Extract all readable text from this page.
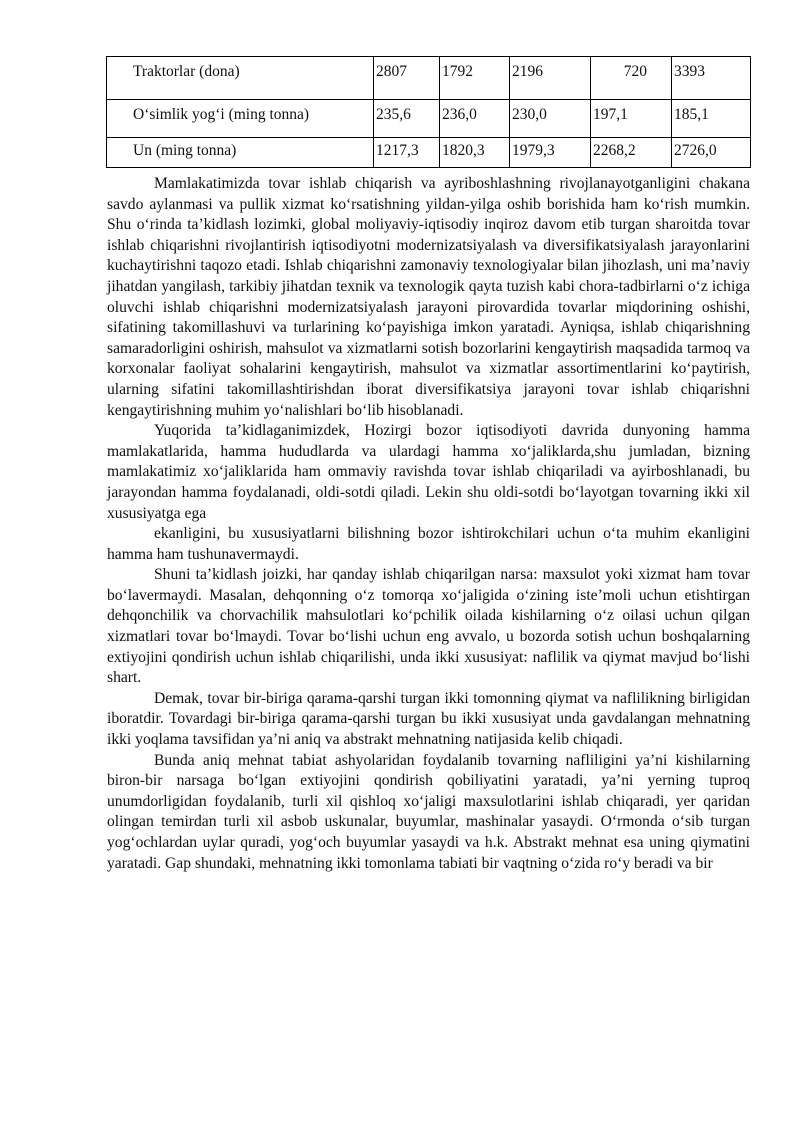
Traktorlar (dona)	2807	1792	2196	720	3393
O‘simlik yog‘i (ming tonna)	235,6	236,0	230,0	197,1	185,1
Un (ming tonna)	1217,3	1820,3	1979,3	2268,2	2726,0

Mamlakatimizda tovar ishlab chiqarish va ayriboshlashning rivojlanayotganligini chakana savdo aylanmasi va pullik xizmat ko‘rsatishning yildan-yilga oshib borishida ham ko‘rish mumkin. Shu o‘rinda ta’kidlash lozimki, global moliyaviy-iqtisodiy inqiroz davom etib turgan sharoitda tovar ishlab chiqarishni rivojlantirish iqtisodiyotni modernizatsiyalash va diversifikatsiyalash jarayonlarini kuchaytirishni taqozo etadi. Ishlab chiqarishni zamonaviy texnologiyalar bilan jihozlash, uni ma’naviy jihatdan yangilash, tarkibiy jihatdan texnik va texnologik qayta tuzish kabi chora-tadbirlarni o‘z ichiga oluvchi ishlab chiqarishni modernizatsiyalash jarayoni pirovardida tovarlar miqdorining oshishi, sifatining takomillashuvi va turlarining ko‘payishiga imkon yaratadi. Ayniqsa, ishlab chiqarishning samaradorligini oshirish, mahsulot va xizmatlarni sotish bozorlarini kengaytirish maqsadida tarmoq va korxonalar faoliyat sohalarini kengaytirish, mahsulot va xizmatlar assortimentlarini ko‘paytirish, ularning sifatini takomillashtirishdan iborat diversifikatsiya jarayoni tovar ishlab chiqarishni kengaytirishning muhim yo‘nalishlari bo‘lib hisoblanadi.

Yuqorida ta’kidlaganimizdek, Hozirgi bozor iqtisodiyoti davrida dunyoning hamma mamlakatlarida, hamma hududlarda va ulardagi hamma xo‘jaliklarda,shu jumladan, bizning mamlakatimiz xo‘jaliklarida ham ommaviy ravishda tovar ishlab chiqariladi va ayirboshlanadi, bu jarayondan hamma foydalanadi, oldi-sotdi qiladi. Lekin shu oldi-sotdi bo‘layotgan tovarning ikki xil xususiyatga ega

ekanligini, bu xususiyatlarni bilishning bozor ishtirokchilari uchun o‘ta muhim ekanligini hamma ham tushunavermaydi.

Shuni ta’kidlash joizki, har qanday ishlab chiqarilgan narsa: maxsulot yoki xizmat ham tovar bo‘lavermaydi. Masalan, dehqonning o‘z tomorqa xo‘jaligida o‘zining iste’moli uchun etishtirgan dehqonchilik va chorvachilik mahsulotlari ko‘pchilik oilada kishilarning o‘z oilasi uchun qilgan xizmatlari tovar bo‘lmaydi. Tovar bo‘lishi uchun eng avvalo, u bozorda sotish uchun boshqalarning extiyojini qondirish uchun ishlab chiqarilishi, unda ikki xususiyat: naflilik va qiymat mavjud bo‘lishi shart.

Demak, tovar bir-biriga qarama-qarshi turgan ikki tomonning qiymat va naflilikning birligidan iboratdir. Tovardagi bir-biriga qarama-qarshi turgan bu ikki xususiyat unda gavdalangan mehnatning ikki yoqlama tavsifidan ya’ni aniq va abstrakt mehnatning natijasida kelib chiqadi.

Bunda aniq mehnat tabiat ashyolaridan foydalanib tovarning nafliligini ya’ni kishilarning biron-bir narsaga bo‘lgan extiyojini qondirish qobiliyatini yaratadi, ya’ni yerning tuproq unumdorligidan foydalanib, turli xil qishloq xo‘jaligi maxsulotlarini ishlab chiqaradi, yer qaridan olingan temirdan turli xil asbob uskunalar, buyumlar, mashinalar yasaydi. O‘rmonda o‘sib turgan yog‘ochlardan uylar quradi, yog‘och buyumlar yasaydi va h.k. Abstrakt mehnat esa uning qiymatini yaratadi. Gap shundaki, mehnatning ikki tomonlama tabiati bir vaqtning o‘zida ro‘y beradi va bir
